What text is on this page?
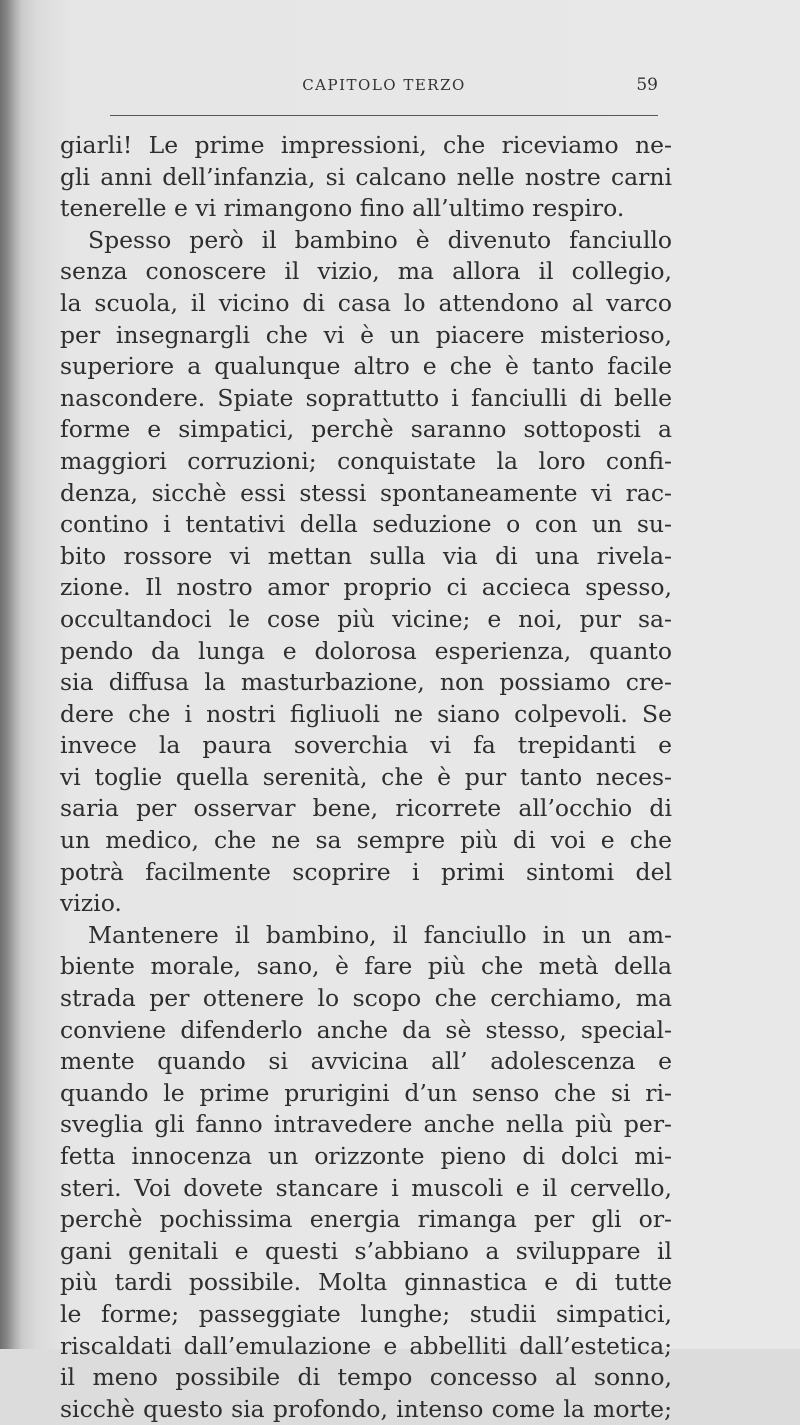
CAPITOLO TERZO	59
giarli! Le prime impressioni, che riceviamo ne-
gli anni dell’infanzia, si calcano nelle nostre carni
tenerelle e vi rimangono fino all’ultimo respiro.
Spesso però il bambino è divenuto fanciullo
senza conoscere il vizio, ma allora il collegio,
la scuola, il vicino di casa lo attendono al varco
per insegnargli che vi è un piacere misterioso,
superiore a qualunque altro e che è tanto facile
nascondere. Spiate soprattutto i fanciulli di belle
forme e simpatici, perchè saranno sottoposti a
maggiori corruzioni; conquistate la loro confi-
denza, sicchè essi stessi spontaneamente vi rac-
contino i tentativi della seduzione o con un su-
bito rossore vi mettan sulla via di una rivela-
zione. Il nostro amor proprio ci accieca spesso,
occultandoci le cose più vicine; e noi, pur sa-
pendo da lunga e dolorosa esperienza, quanto
sia diffusa la masturbazione, non possiamo cre-
dere che i nostri figliuoli ne siano colpevoli. Se
invece la paura soverchia vi fa trepidanti e
vi toglie quella serenità, che è pur tanto neces-
saria per osservar bene, ricorrete all’occhio di
un medico, che ne sa sempre più di voi e che
potrà facilmente scoprire i primi sintomi del
vizio.
Mantenere il bambino, il fanciullo in un am-
biente morale, sano, è fare più che metà della
strada per ottenere lo scopo che cerchiamo, ma
conviene difenderlo anche da sè stesso, special-
mente quando si avvicina all’ adolescenza e
quando le prime prurigini d’un senso che si ri-
sveglia gli fanno intravedere anche nella più per-
fetta innocenza un orizzonte pieno di dolci mi-
steri. Voi dovete stancare i muscoli e il cervello,
perchè pochissima energia rimanga per gli or-
gani genitali e questi s’abbiano a sviluppare il
più tardi possibile. Molta ginnastica e di tutte
le forme; passeggiate lunghe; studii simpatici,
riscaldati dall’emulazione e abbelliti dall’estetica;
il meno possibile di tempo concesso al sonno,
sicchè questo sia profondo, intenso come la morte;
